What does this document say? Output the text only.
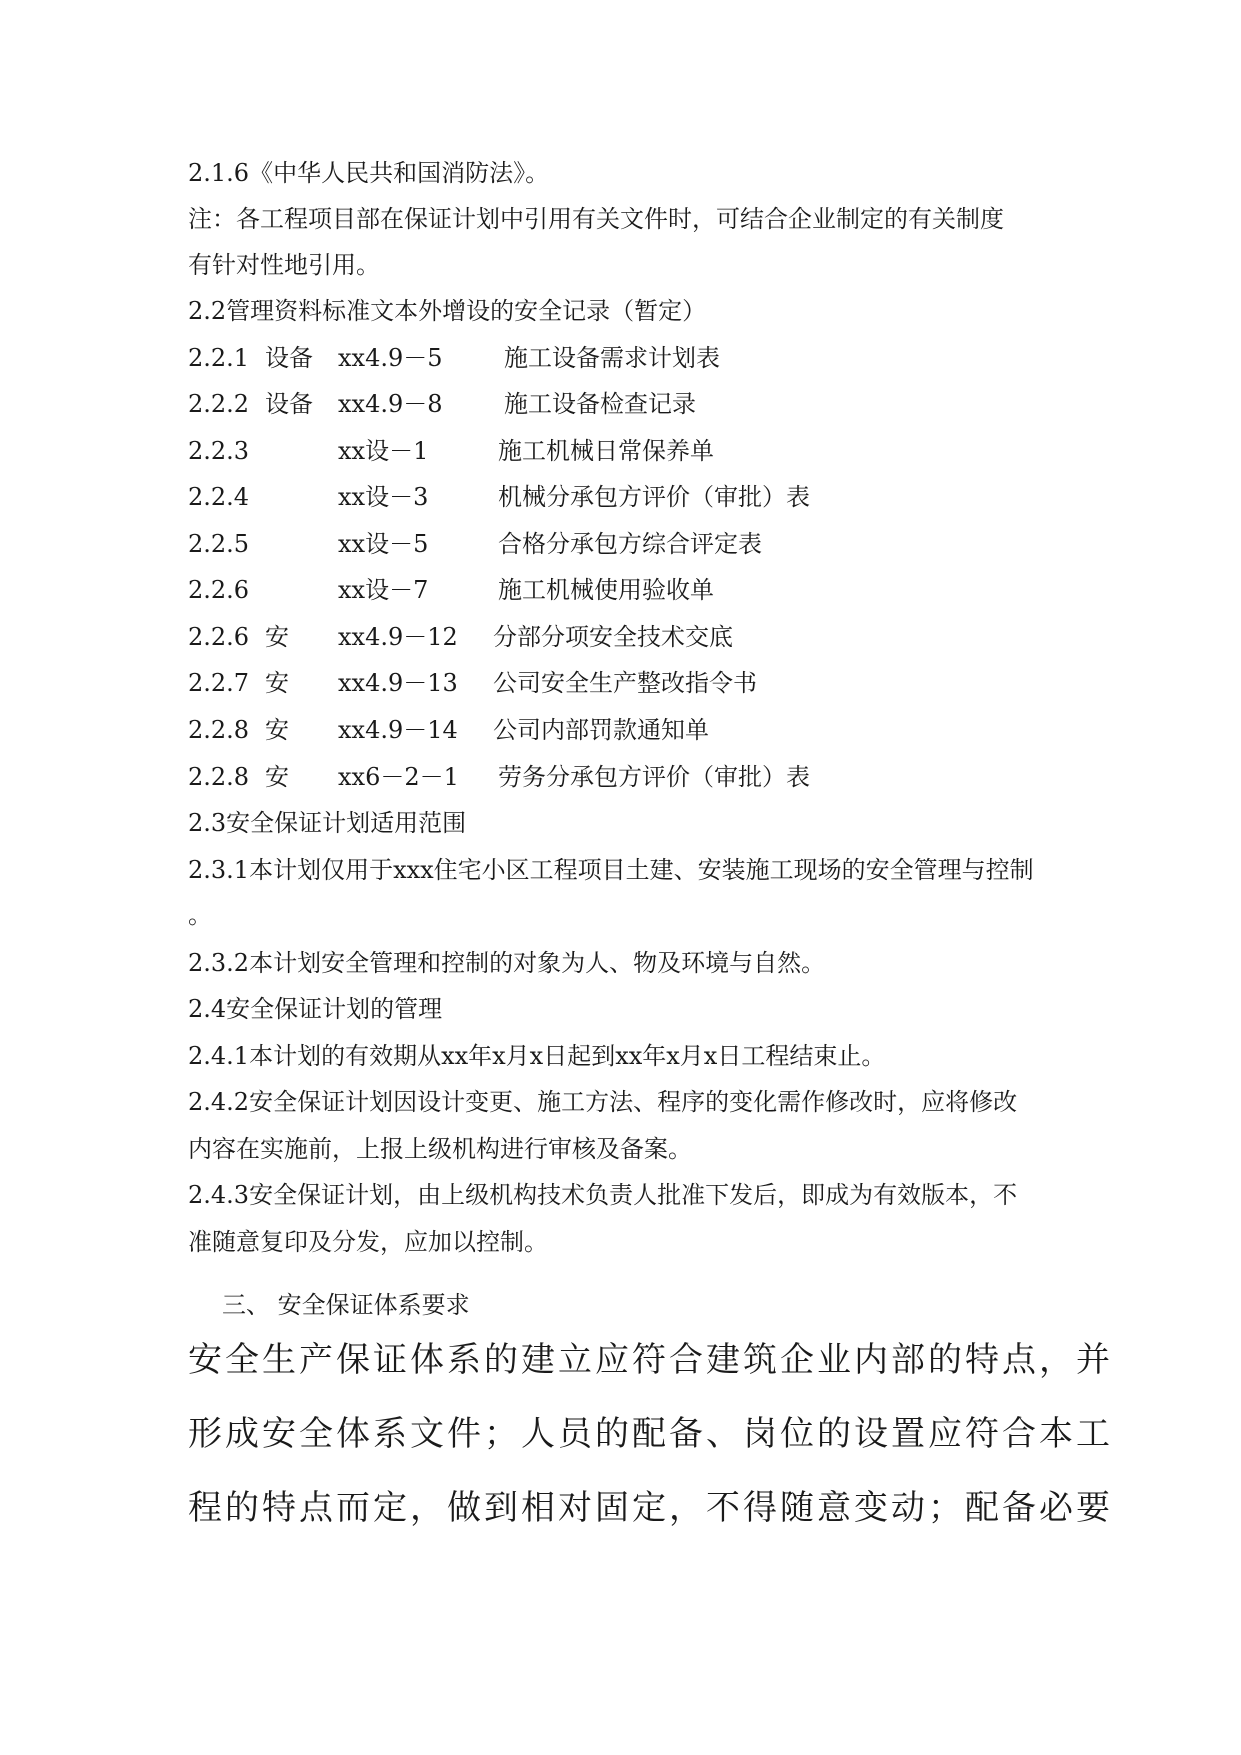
2.1.6《中华人民共和国消防法》。
注：各工程项目部在保证计划中引用有关文件时，可结合企业制定的有关制度
有针对性地引用。
2.2管理资料标准文本外增设的安全记录（暂定）
2.2.1 设备 xx4.9－5	施工设备需求计划表
2.2.2 设备 xx4.9－8	施工设备检查记录
2.2.3	xx设－1	施工机械日常保养单
2.2.4	xx设－3	机械分承包方评价（审批）表
2.2.5	xx设－5	合格分承包方综合评定表
2.2.6	xx设－7	施工机械使用验收单
2.2.6 安 xx4.9－12 分部分项安全技术交底
2.2.7 安 xx4.9－13 公司安全生产整改指令书
2.2.8 安 xx4.9－14 公司内部罚款通知单
2.2.8 安 xx6－2－1 劳务分承包方评价（审批）表
2.3安全保证计划适用范围
2.3.1本计划仅用于xxx住宅小区工程项目土建、安装施工现场的安全管理与控制
。
2.3.2本计划安全管理和控制的对象为人、物及环境与自然。
2.4安全保证计划的管理
2.4.1本计划的有效期从xx年x月x日起到xx年x月x日工程结束止。
2.4.2安全保证计划因设计变更、施工方法、程序的变化需作修改时，应将修改
内容在实施前，上报上级机构进行审核及备案。
2.4.3安全保证计划，由上级机构技术负责人批准下发后，即成为有效版本，不
准随意复印及分发，应加以控制。
三、 安全保证体系要求
安全生产保证体系的建立应符合建筑企业内部的特点，并
形成安全体系文件；人员的配备、岗位的设置应符合本工
程的特点而定，做到相对固定，不得随意变动；配备必要
